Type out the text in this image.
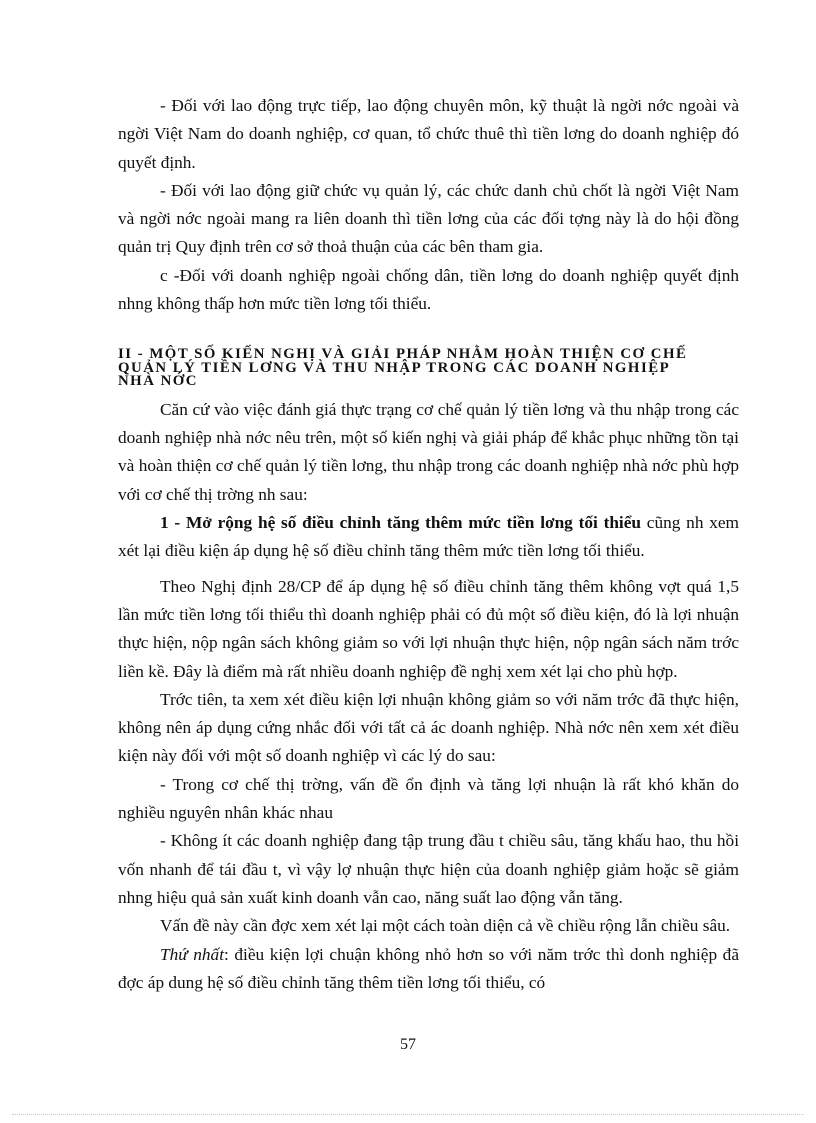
- Đối với lao động trực tiếp, lao động chuyên môn, kỹ thuật là ngời nớc ngoài và ngời Việt Nam do doanh nghiệp, cơ quan, tổ chức thuê thì tiền lơng do doanh nghiệp đó quyết định.

- Đối với lao động giữ chức vụ quản lý, các chức danh chủ chốt là ngời Việt Nam và ngời nớc ngoài mang ra liên doanh thì tiền lơng của các đối tợng này là do hội đồng quản trị Quy định trên cơ sở thoả thuận của các bên tham gia.

c -Đối với doanh nghiệp ngoài chống dân, tiền lơng do doanh nghiệp quyết định nhng không thấp hơn mức tiền lơng tối thiểu.

II - MỘT SỐ KIẾN NGHỊ VÀ GIẢI PHÁP NHẰM HOÀN THIỆN CƠ CHẾ
QUẢN LÝ TIỀN LƠNG VÀ THU NHẬP TRONG CÁC DOANH NGHIỆP
NHÀ NỚC

Căn cứ vào việc đánh giá thực trạng cơ chế quản lý tiền lơng và thu nhập trong các doanh nghiệp nhà nớc nêu trên, một số kiến nghị và giải pháp để khắc phục những tồn tại và hoàn thiện cơ chế quản lý tiền lơng, thu nhập trong các doanh nghiệp nhà nớc phù hợp với cơ chế thị trờng nh sau:

1 - Mở rộng hệ số điều chỉnh tăng thêm mức tiền lơng tối thiểu cũng nh xem xét lại điều kiện áp dụng hệ số điều chỉnh tăng thêm mức tiền lơng tối thiểu.

Theo Nghị định 28/CP để áp dụng hệ số điều chỉnh tăng thêm không vợt quá 1,5 lần mức tiền lơng tối thiểu thì doanh nghiệp phải có đủ một số điều kiện, đó là lợi nhuận thực hiện, nộp ngân sách không giảm so với lợi nhuận thực hiện, nộp ngân sách năm trớc liền kề. Đây là điểm mà rất nhiều doanh nghiệp đề nghị xem xét lại cho phù hợp.

Trớc tiên, ta xem xét điều kiện lợi nhuận không giảm so với năm trớc đã thực hiện, không nên áp dụng cứng nhắc đối với tất cả ác doanh nghiệp. Nhà nớc nên xem xét điều kiện này đối với một số doanh nghiệp vì các lý do sau:

- Trong cơ chế thị trờng, vấn đề ổn định và tăng lợi nhuận là rất khó khăn do nghiều nguyên nhân khác nhau

- Không ít các doanh nghiệp đang tập trung đầu t chiều sâu, tăng khấu hao, thu hồi vốn nhanh để tái đầu t, vì vậy lợ nhuận thực hiện của doanh nghiệp giảm hoặc sẽ giảm nhng hiệu quả sản xuất kinh doanh vẫn cao, năng suất lao động vẫn tăng.

Vấn đề này cần đợc xem xét lại một cách toàn diện cả về chiều rộng lẫn chiều sâu.

Thứ nhất: điều kiện lợi chuận không nhỏ hơn so với năm trớc thì donh nghiệp đã đợc áp dung hệ số điều chỉnh tăng thêm tiền lơng tối thiểu, có

57
